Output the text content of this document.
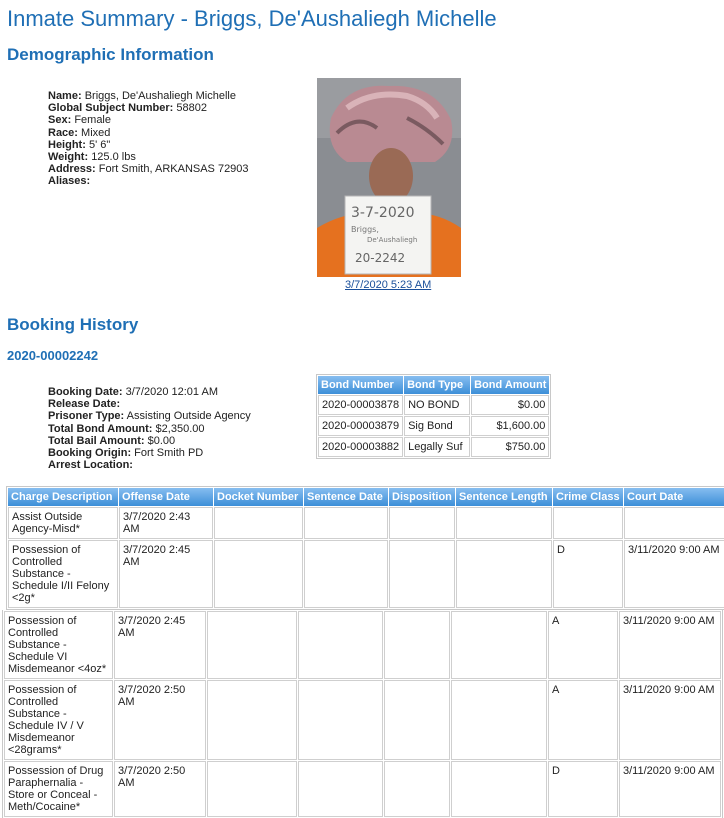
Inmate Summary - Briggs, De'Aushaliegh Michelle
Demographic Information
Name: Briggs, De'Aushaliegh Michelle
Global Subject Number: 58802
Sex: Female
Race: Mixed
Height: 5' 6"
Weight: 125.0 lbs
Address: Fort Smith, ARKANSAS 72903
Aliases:
3-7-2020
Briggs,
De'Aushaliegh
20-2242
3/7/2020 5:23 AM
Booking History
2020-00002242
Booking Date: 3/7/2020 12:01 AM
Release Date:
Prisoner Type: Assisting Outside Agency
Total Bond Amount: $2,350.00
Total Bail Amount: $0.00
Booking Origin: Fort Smith PD
Arrest Location:
Bond Number	Bond Type	Bond Amount
2020-00003878	NO BOND	$0.00
2020-00003879	Sig Bond	$1,600.00
2020-00003882	Legally Suf	$750.00
Charge Description	Offense Date	Docket Number	Sentence Date	Disposition	Sentence Length	Crime Class	Court Date
Assist Outside Agency-Misd*	3/7/2020 2:43 AM						
Possession of Controlled Substance - Schedule I/II Felony <2g*	3/7/2020 2:45 AM					D	3/11/2020 9:00 AM
Possession of Controlled Substance - Schedule VI Misdemeanor <4oz*	3/7/2020 2:45 AM					A	3/11/2020 9:00 AM
Possession of Controlled Substance - Schedule IV / V Misdemeanor <28grams*	3/7/2020 2:50 AM					A	3/11/2020 9:00 AM
Possession of Drug Paraphernalia - Store or Conceal - Meth/Cocaine*	3/7/2020 2:50 AM					D	3/11/2020 9:00 AM
